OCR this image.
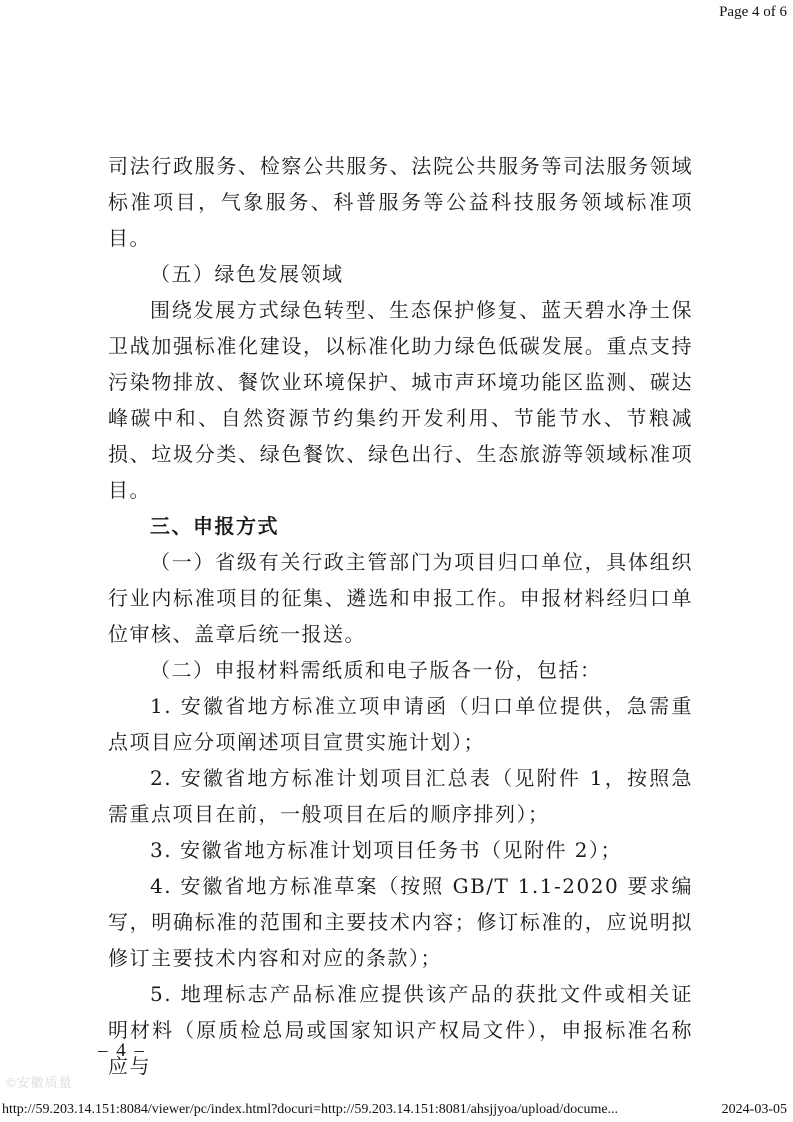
Page 4 of 6

司法行政服务、检察公共服务、法院公共服务等司法服务领域标准项目，气象服务、科普服务等公益科技服务领域标准项目。

（五）绿色发展领域

围绕发展方式绿色转型、生态保护修复、蓝天碧水净土保卫战加强标准化建设，以标准化助力绿色低碳发展。重点支持污染物排放、餐饮业环境保护、城市声环境功能区监测、碳达峰碳中和、自然资源节约集约开发利用、节能节水、节粮减损、垃圾分类、绿色餐饮、绿色出行、生态旅游等领域标准项目。

三、申报方式

（一）省级有关行政主管部门为项目归口单位，具体组织行业内标准项目的征集、遴选和申报工作。申报材料经归口单位审核、盖章后统一报送。

（二）申报材料需纸质和电子版各一份，包括：

1. 安徽省地方标准立项申请函（归口单位提供，急需重点项目应分项阐述项目宣贯实施计划）；

2. 安徽省地方标准计划项目汇总表（见附件 1，按照急需重点项目在前，一般项目在后的顺序排列）；

3. 安徽省地方标准计划项目任务书（见附件 2）；

4. 安徽省地方标准草案（按照 GB/T 1.1-2020 要求编写，明确标准的范围和主要技术内容；修订标准的，应说明拟修订主要技术内容和对应的条款）；

5. 地理标志产品标准应提供该产品的获批文件或相关证明材料（原质检总局或国家知识产权局文件），申报标准名称应与

– 4 –
©安徽质量
http://59.203.14.151:8084/viewer/pc/index.html?docuri=http://59.203.14.151:8081/ahsjjyoa/upload/docume...	2024-03-05
